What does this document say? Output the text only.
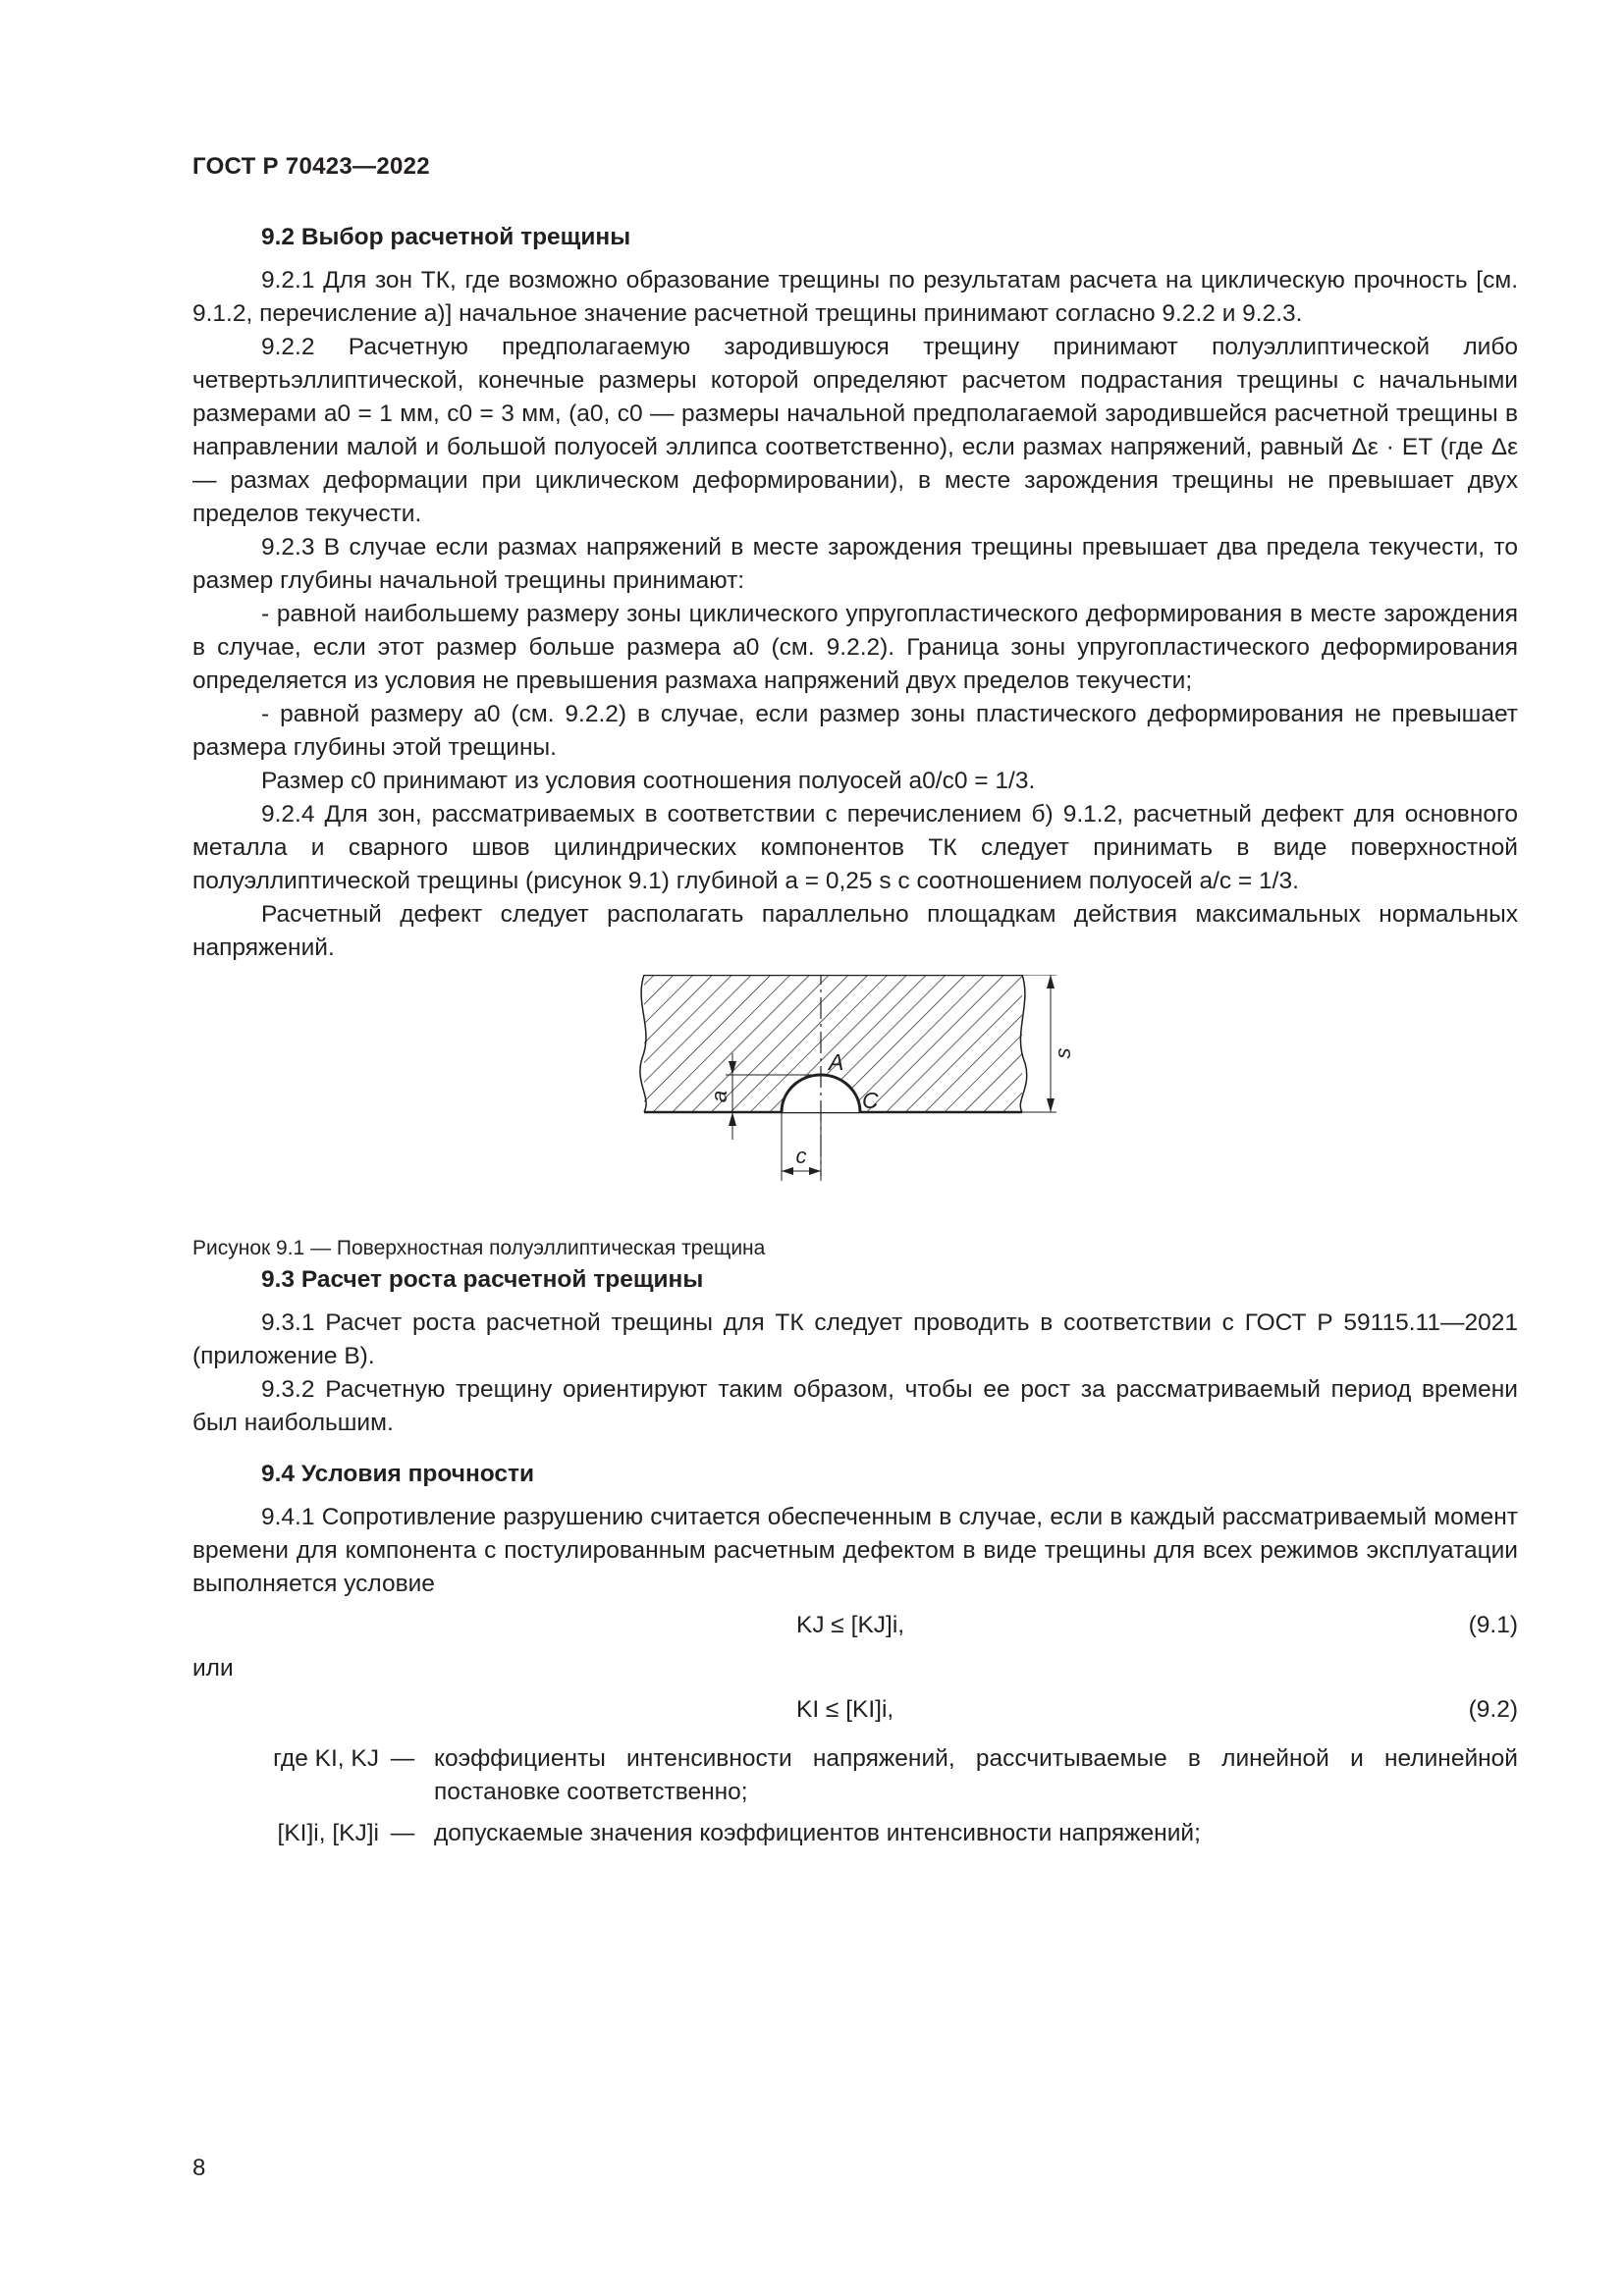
ГОСТ Р 70423—2022
9.2 Выбор расчетной трещины

9.2.1 Для зон ТК, где возможно образование трещины по результатам расчета на циклическую прочность [см. 9.1.2, перечисление а)] начальное значение расчетной трещины принимают согласно 9.2.2 и 9.2.3.

9.2.2 Расчетную предполагаемую зародившуюся трещину принимают полуэллиптической либо четвертьэллиптической, конечные размеры которой определяют расчетом подрастания трещины с начальными размерами a0 = 1 мм, c0 = 3 мм, (a0, c0 — размеры начальной предполагаемой зародившейся расчетной трещины в направлении малой и большой полуосей эллипса соответственно), если размах напряжений, равный Δε · ET (где Δε — размах деформации при циклическом деформировании), в месте зарождения трещины не превышает двух пределов текучести.

9.2.3 В случае если размах напряжений в месте зарождения трещины превышает два предела текучести, то размер глубины начальной трещины принимают:

- равной наибольшему размеру зоны циклического упругопластического деформирования в месте зарождения в случае, если этот размер больше размера a0 (см. 9.2.2). Граница зоны упругопластического деформирования определяется из условия не превышения размаха напряжений двух пределов текучести;

- равной размеру a0 (см. 9.2.2) в случае, если размер зоны пластического деформирования не превышает размера глубины этой трещины.

Размер c0 принимают из условия соотношения полуосей a0/c0 = 1/3.

9.2.4 Для зон, рассматриваемых в соответствии с перечислением б) 9.1.2, расчетный дефект для основного металла и сварного швов цилиндрических компонентов ТК следует принимать в виде поверхностной полуэллиптической трещины (рисунок 9.1) глубиной a = 0,25 s с соотношением полуосей a/c = 1/3.

Расчетный дефект следует располагать параллельно площадкам действия максимальных нормальных напряжений.

s
a
c
A
C

Рисунок 9.1 — Поверхностная полуэллиптическая трещина

9.3 Расчет роста расчетной трещины

9.3.1 Расчет роста расчетной трещины для ТК следует проводить в соответствии с ГОСТ Р 59115.11—2021 (приложение В).

9.3.2 Расчетную трещину ориентируют таким образом, чтобы ее рост за рассматриваемый период времени был наибольшим.

9.4 Условия прочности

9.4.1 Сопротивление разрушению считается обеспеченным в случае, если в каждый рассматриваемый момент времени для компонента с постулированным расчетным дефектом в виде трещины для всех режимов эксплуатации выполняется условие

KJ ≤ [KJ]i,	(9.1)

или

KI ≤ [KI]i,	(9.2)
где KI, KJ — коэффициенты интенсивности напряжений, рассчитываемые в линейной и нелинейной постановке соответственно;
[KI]i, [KJ]i — допускаемые значения коэффициентов интенсивности напряжений;
8
